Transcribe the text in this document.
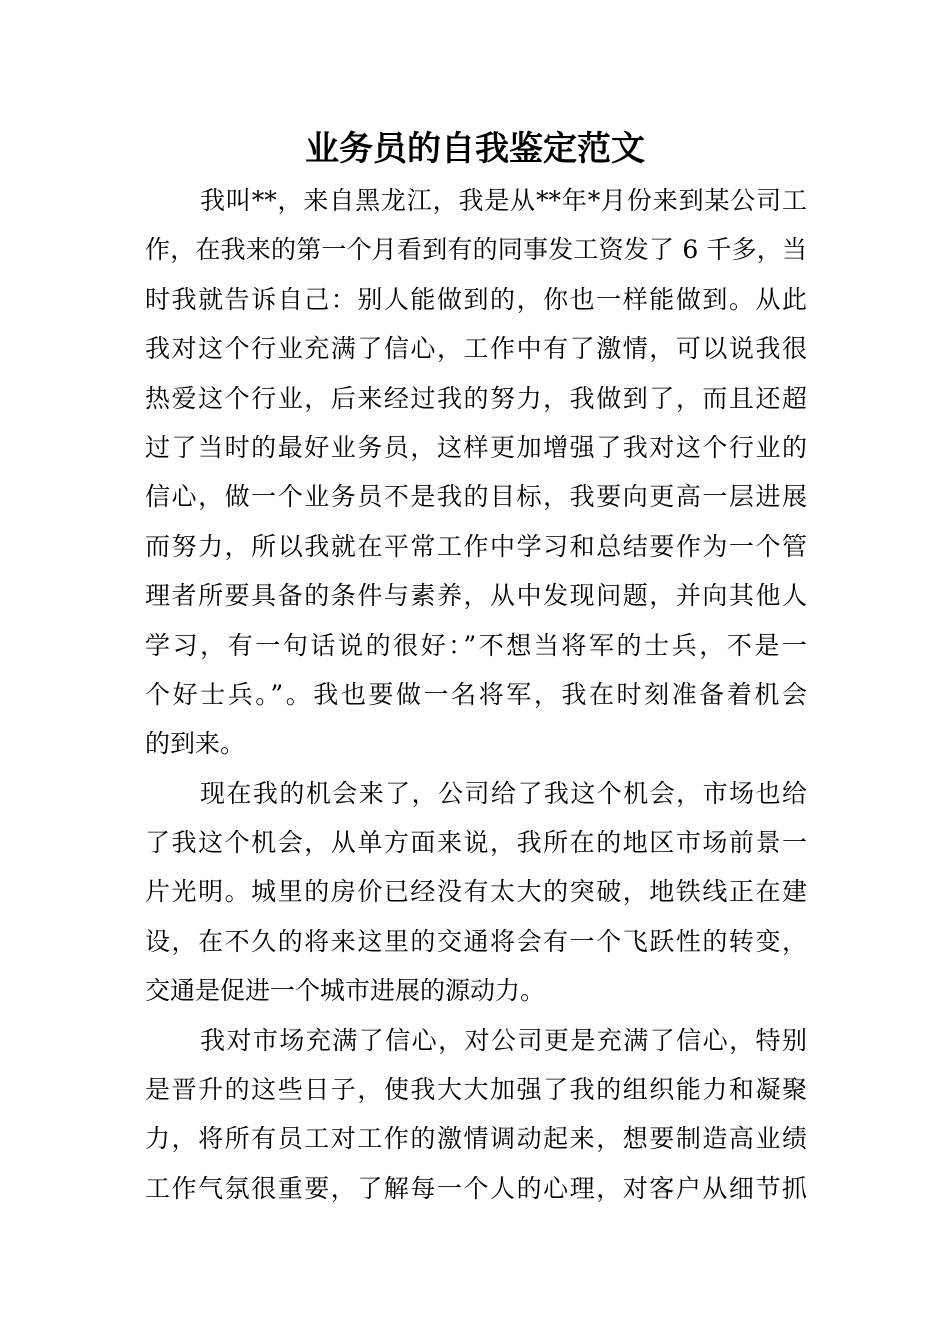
业务员的自我鉴定范文
我叫**，来自黑龙江，我是从**年*月份来到某公司工
作，在我来的第一个月看到有的同事发工资发了 6 千多，当
时我就告诉自己：别人能做到的，你也一样能做到。从此
我对这个行业充满了信心，工作中有了激情，可以说我很
热爱这个行业，后来经过我的努力，我做到了，而且还超
过了当时的最好业务员，这样更加增强了我对这个行业的
信心，做一个业务员不是我的目标，我要向更高一层进展
而努力，所以我就在平常工作中学习和总结要作为一个管
理者所要具备的条件与素养，从中发现问题，并向其他人
学习，有一句话说的很好：”不想当将军的士兵，不是一
个好士兵。”。我也要做一名将军，我在时刻准备着机会
的到来。
现在我的机会来了，公司给了我这个机会，市场也给
了我这个机会，从单方面来说，我所在的地区市场前景一
片光明。城里的房价已经没有太大的突破，地铁线正在建
设，在不久的将来这里的交通将会有一个飞跃性的转变，
交通是促进一个城市进展的源动力。
我对市场充满了信心，对公司更是充满了信心，特别
是晋升的这些日子，使我大大加强了我的组织能力和凝聚
力，将所有员工对工作的激情调动起来，想要制造高业绩
工作气氛很重要，了解每一个人的心理，对客户从细节抓
